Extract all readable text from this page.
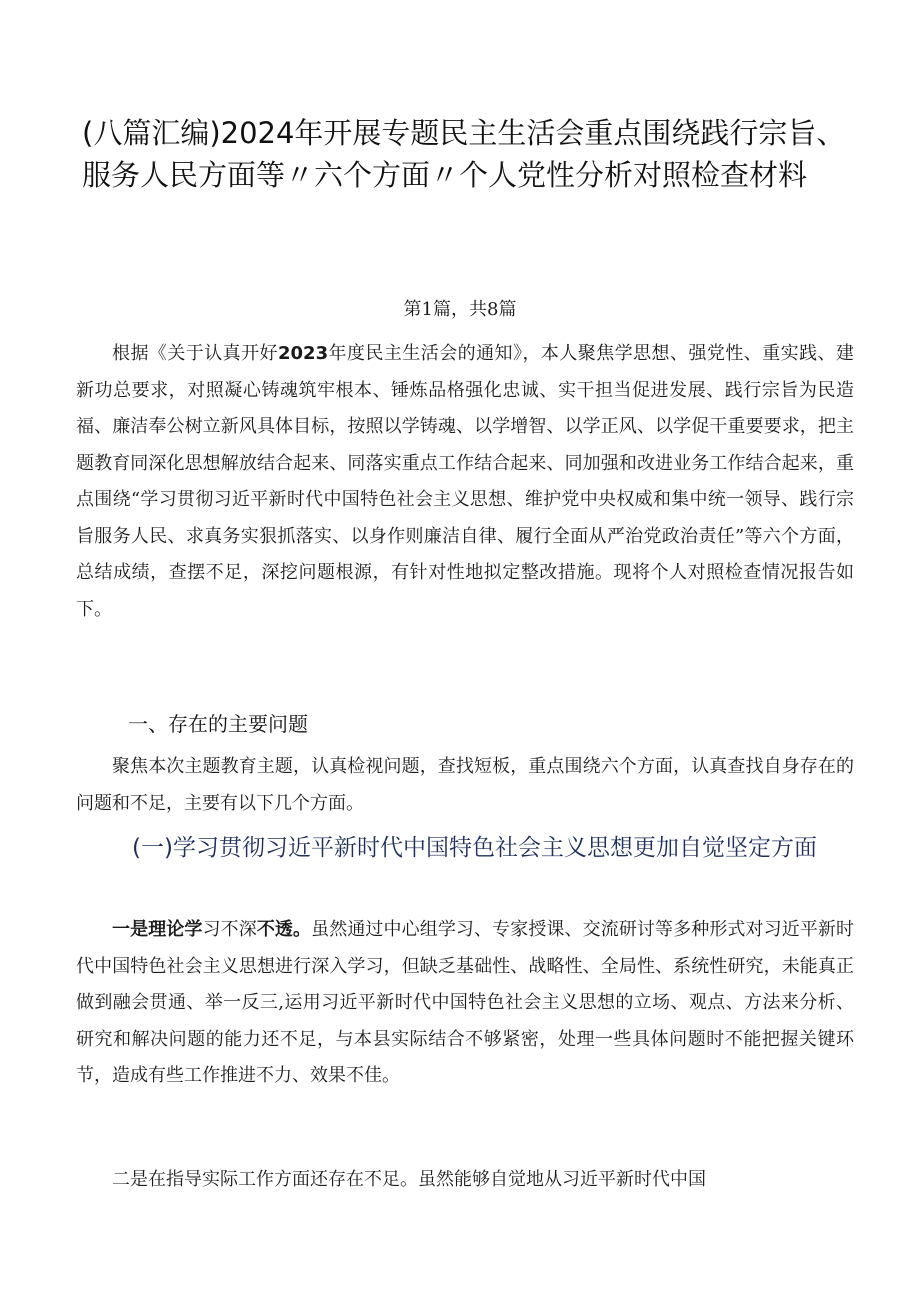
(八篇汇编)2024年开展专题民主生活会重点围绕践行宗旨、服务人民方面等〃六个方面〃个人党性分析对照检查材料
第1篇，共8篇

根据《关于认真开好2023年度民主生活会的通知》，本人聚焦学思想、强党性、重实践、建新功总要求，对照凝心铸魂筑牢根本、锤炼品格强化忠诚、实干担当促进发展、践行宗旨为民造福、廉洁奉公树立新风具体目标，按照以学铸魂、以学增智、以学正风、以学促干重要要求，把主题教育同深化思想解放结合起来、同落实重点工作结合起来、同加强和改进业务工作结合起来，重点围绕“学习贯彻习近平新时代中国特色社会主义思想、维护党中央权威和集中统一领导、践行宗旨服务人民、求真务实狠抓落实、以身作则廉洁自律、履行全面从严治党政治责任”等六个方面，总结成绩，查摆不足，深挖问题根源，有针对性地拟定整改措施。现将个人对照检查情况报告如下。

一、存在的主要问题

聚焦本次主题教育主题，认真检视问题，查找短板，重点围绕六个方面，认真查找自身存在的问题和不足，主要有以下几个方面。

(一)学习贯彻习近平新时代中国特色社会主义思想更加自觉坚定方面

一是理论学习不深不透。虽然通过中心组学习、专家授课、交流研讨等多种形式对习近平新时代中国特色社会主义思想进行深入学习，但缺乏基础性、战略性、全局性、系统性研究，未能真正做到融会贯通、举一反三,运用习近平新时代中国特色社会主义思想的立场、观点、方法来分析、研究和解决问题的能力还不足，与本县实际结合不够紧密，处理一些具体问题时不能把握关键环节，造成有些工作推进不力、效果不佳。

二是在指导实际工作方面还存在不足。虽然能够自觉地从习近平新时代中国
